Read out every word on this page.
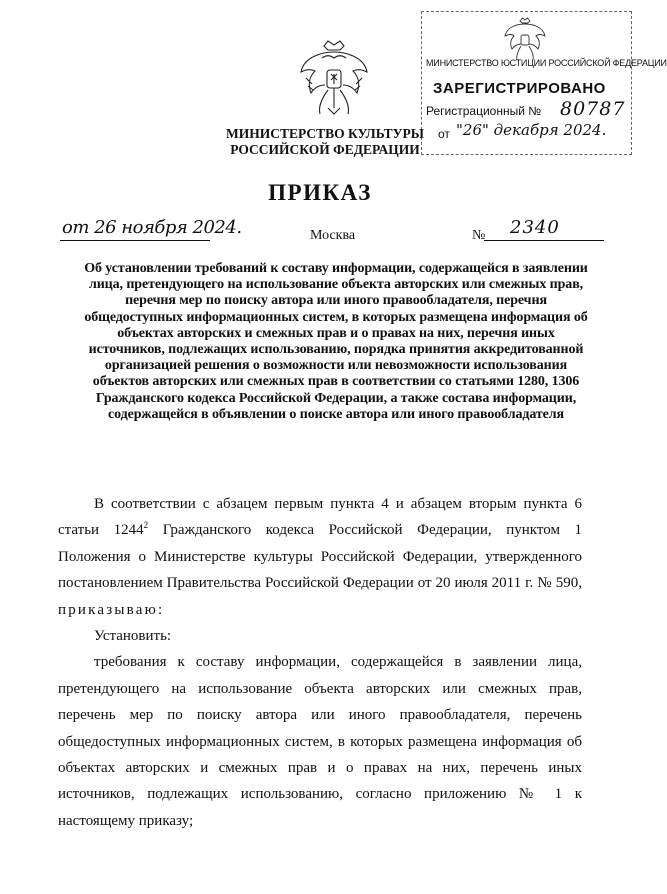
МИНИСТЕРСТВО ЮСТИЦИИ РОССИЙСКОЙ ФЕДЕРАЦИИ
ЗАРЕГИСТРИРОВАНО
Регистрационный № 80787
от "26" декабря 2024.
МИНИСТЕРСТВО КУЛЬТУРЫ
РОССИЙСКОЙ ФЕДЕРАЦИИ
ПРИКАЗ
от 26 ноября 2024.	Москва	№ 2340
Об установлении требований к составу информации, содержащейся в заявлении лица, претендующего на использование объекта авторских или смежных прав, перечня мер по поиску автора или иного правообладателя, перечня общедоступных информационных систем, в которых размещена информация об объектах авторских и смежных прав и о правах на них, перечня иных источников, подлежащих использованию, порядка принятия аккредитованной организацией решения о возможности или невозможности использования объектов авторских или смежных прав в соответствии со статьями 1280, 1306 Гражданского кодекса Российской Федерации, а также состава информации, содержащейся в объявлении о поиске автора или иного правообладателя

В соответствии с абзацем первым пункта 4 и абзацем вторым пункта 6 статьи 1244$^2$ Гражданского кодекса Российской Федерации, пунктом 1 Положения о Министерстве культуры Российской Федерации, утвержденного постановлением Правительства Российской Федерации от 20 июля 2011 г. № 590, приказываю:

Установить:

требования к составу информации, содержащейся в заявлении лица, претендующего на использование объекта авторских или смежных прав, перечень мер по поиску автора или иного правообладателя, перечень общедоступных информационных систем, в которых размещена информация об объектах авторских и смежных прав и о правах на них, перечень иных источников, подлежащих использованию, согласно приложению № 1 к настоящему приказу;
